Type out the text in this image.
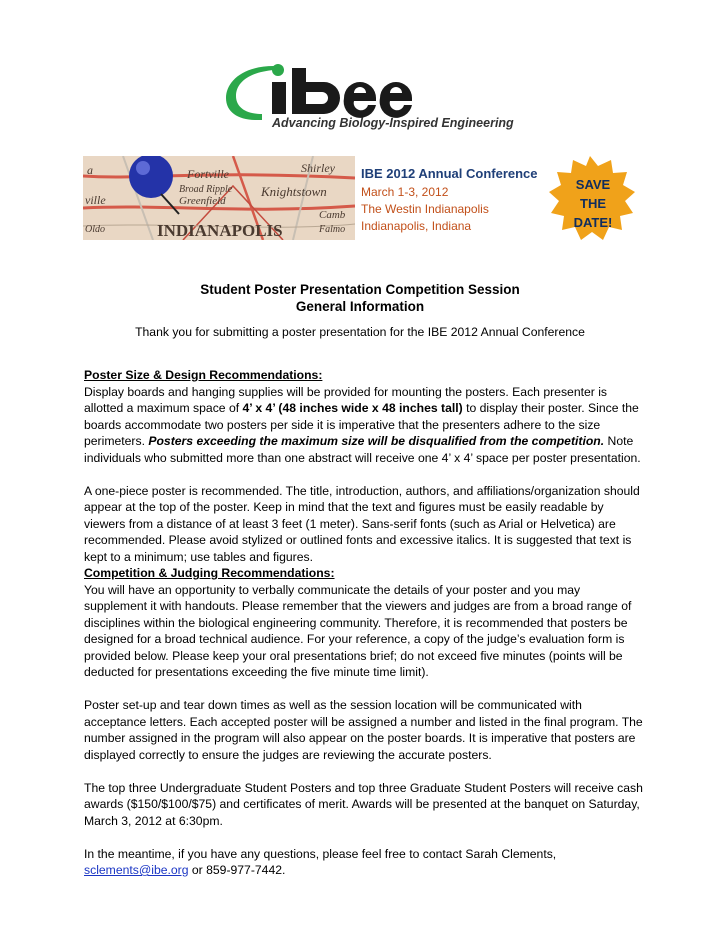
Advancing Biology-Inspired Engineering
Shirley
Fortville
Knightstown
Broad Ripple
Greenfield
INDIANAPOLIS
Camb
Falmo
ville
Oldo
a	IBE 2012 Annual Conference
March 1-3, 2012
The Westin Indianapolis
Indianapolis, Indiana
SAVE
THE
DATE!
Student Poster Presentation Competition Session
General Information
Thank you for submitting a poster presentation for the IBE 2012 Annual Conference

Poster Size & Design Recommendations:
Display boards and hanging supplies will be provided for mounting the posters. Each presenter is allotted a maximum space of 4’ x 4’ (48 inches wide x 48 inches tall) to display their poster. Since the boards accommodate two posters per side it is imperative that the presenters adhere to the size perimeters. Posters exceeding the maximum size will be disqualified from the competition. Note individuals who submitted more than one abstract will receive one 4’ x 4’ space per poster presentation.

A one-piece poster is recommended. The title, introduction, authors, and affiliations/organization should appear at the top of the poster. Keep in mind that the text and figures must be easily readable by viewers from a distance of at least 3 feet (1 meter). Sans-serif fonts (such as Arial or Helvetica) are recommended. Please avoid stylized or outlined fonts and excessive italics. It is suggested that text is kept to a minimum; use tables and figures.

Competition & Judging Recommendations:
You will have an opportunity to verbally communicate the details of your poster and you may supplement it with handouts. Please remember that the viewers and judges are from a broad range of disciplines within the biological engineering community. Therefore, it is recommended that posters be designed for a broad technical audience. For your reference, a copy of the judge’s evaluation form is provided below. Please keep your oral presentations brief; do not exceed five minutes (points will be deducted for presentations exceeding the five minute time limit).

Poster set-up and tear down times as well as the session location will be communicated with acceptance letters. Each accepted poster will be assigned a number and listed in the final program. The number assigned in the program will also appear on the poster boards. It is imperative that posters are displayed correctly to ensure the judges are reviewing the accurate posters.

The top three Undergraduate Student Posters and top three Graduate Student Posters will receive cash awards ($150/$100/$75) and certificates of merit. Awards will be presented at the banquet on Saturday, March 3, 2012 at 6:30pm.

In the meantime, if you have any questions, please feel free to contact Sarah Clements,
sclements@ibe.org or 859-977-7442.
